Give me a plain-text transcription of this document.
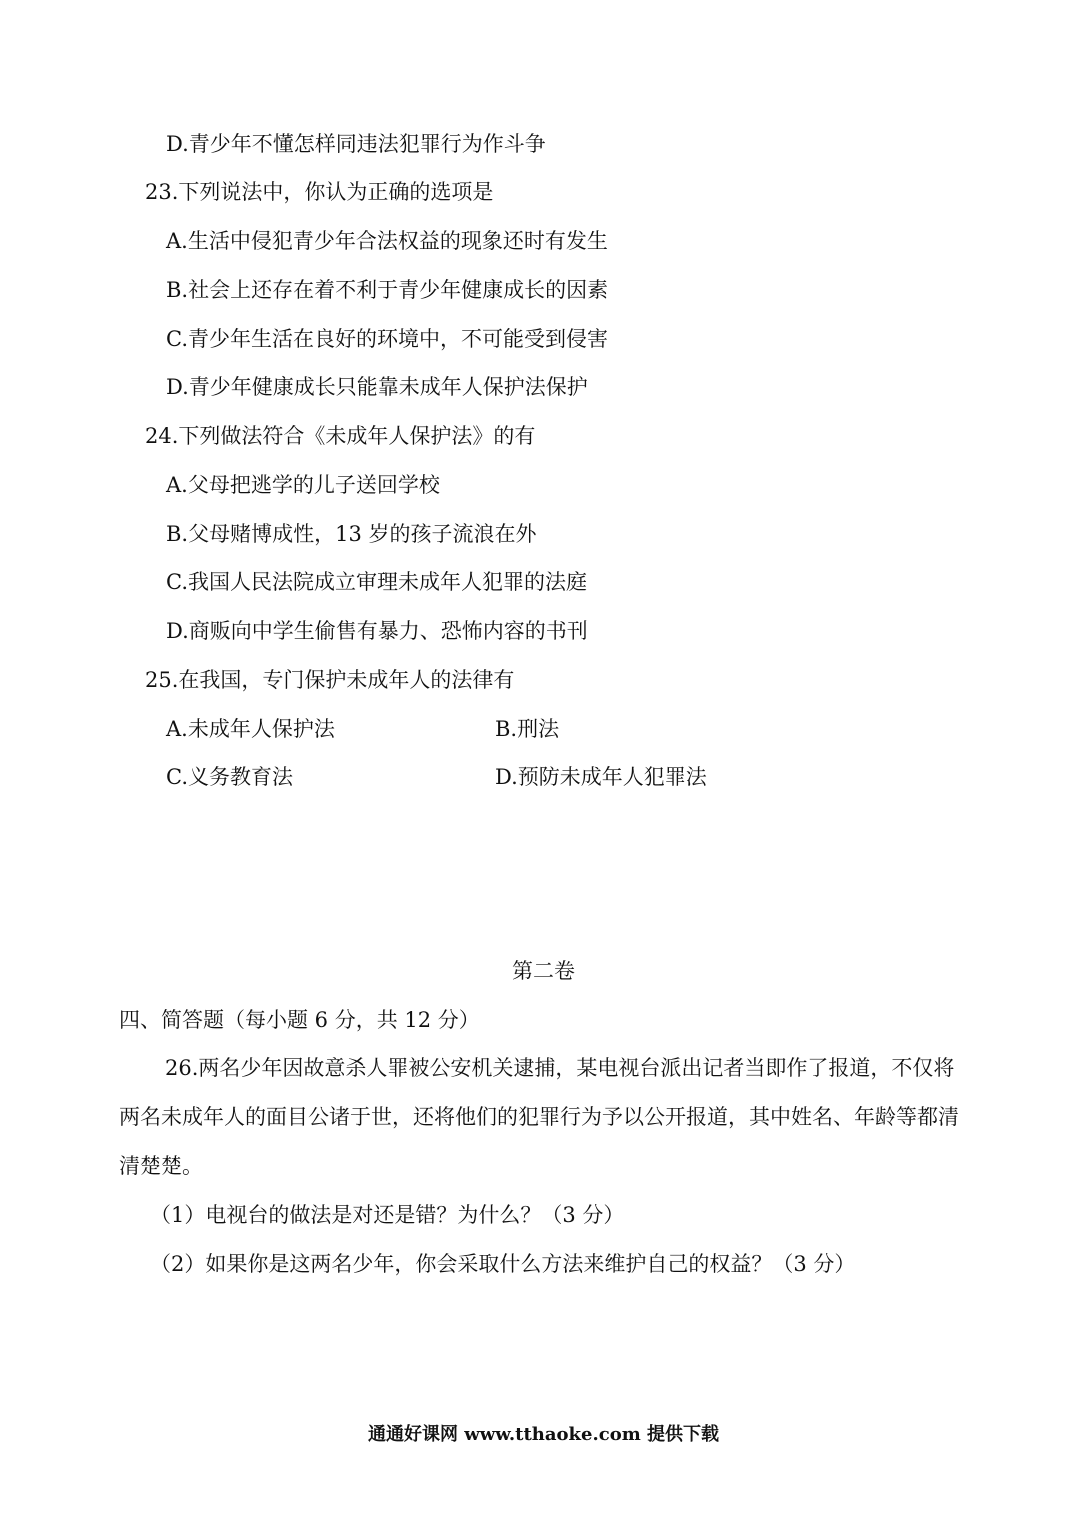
D.青少年不懂怎样同违法犯罪行为作斗争
23.下列说法中，你认为正确的选项是
A.生活中侵犯青少年合法权益的现象还时有发生
B.社会上还存在着不利于青少年健康成长的因素
C.青少年生活在良好的环境中，不可能受到侵害
D.青少年健康成长只能靠未成年人保护法保护
24.下列做法符合《未成年人保护法》的有
A.父母把逃学的儿子送回学校
B.父母赌博成性，13 岁的孩子流浪在外
C.我国人民法院成立审理未成年人犯罪的法庭
D.商贩向中学生偷售有暴力、恐怖内容的书刊
25.在我国，专门保护未成年人的法律有
A.未成年人保护法	B.刑法
C.义务教育法	D.预防未成年人犯罪法
第二卷
四、简答题（每小题 6 分，共 12 分）
26.两名少年因故意杀人罪被公安机关逮捕，某电视台派出记者当即作了报道，不仅将
两名未成年人的面目公诸于世，还将他们的犯罪行为予以公开报道，其中姓名、年龄等都清
清楚楚。
（1）电视台的做法是对还是错？为什么？（3 分）
（2）如果你是这两名少年，你会采取什么方法来维护自己的权益？（3 分）
通通好课网 www.tthaoke.com 提供下载
